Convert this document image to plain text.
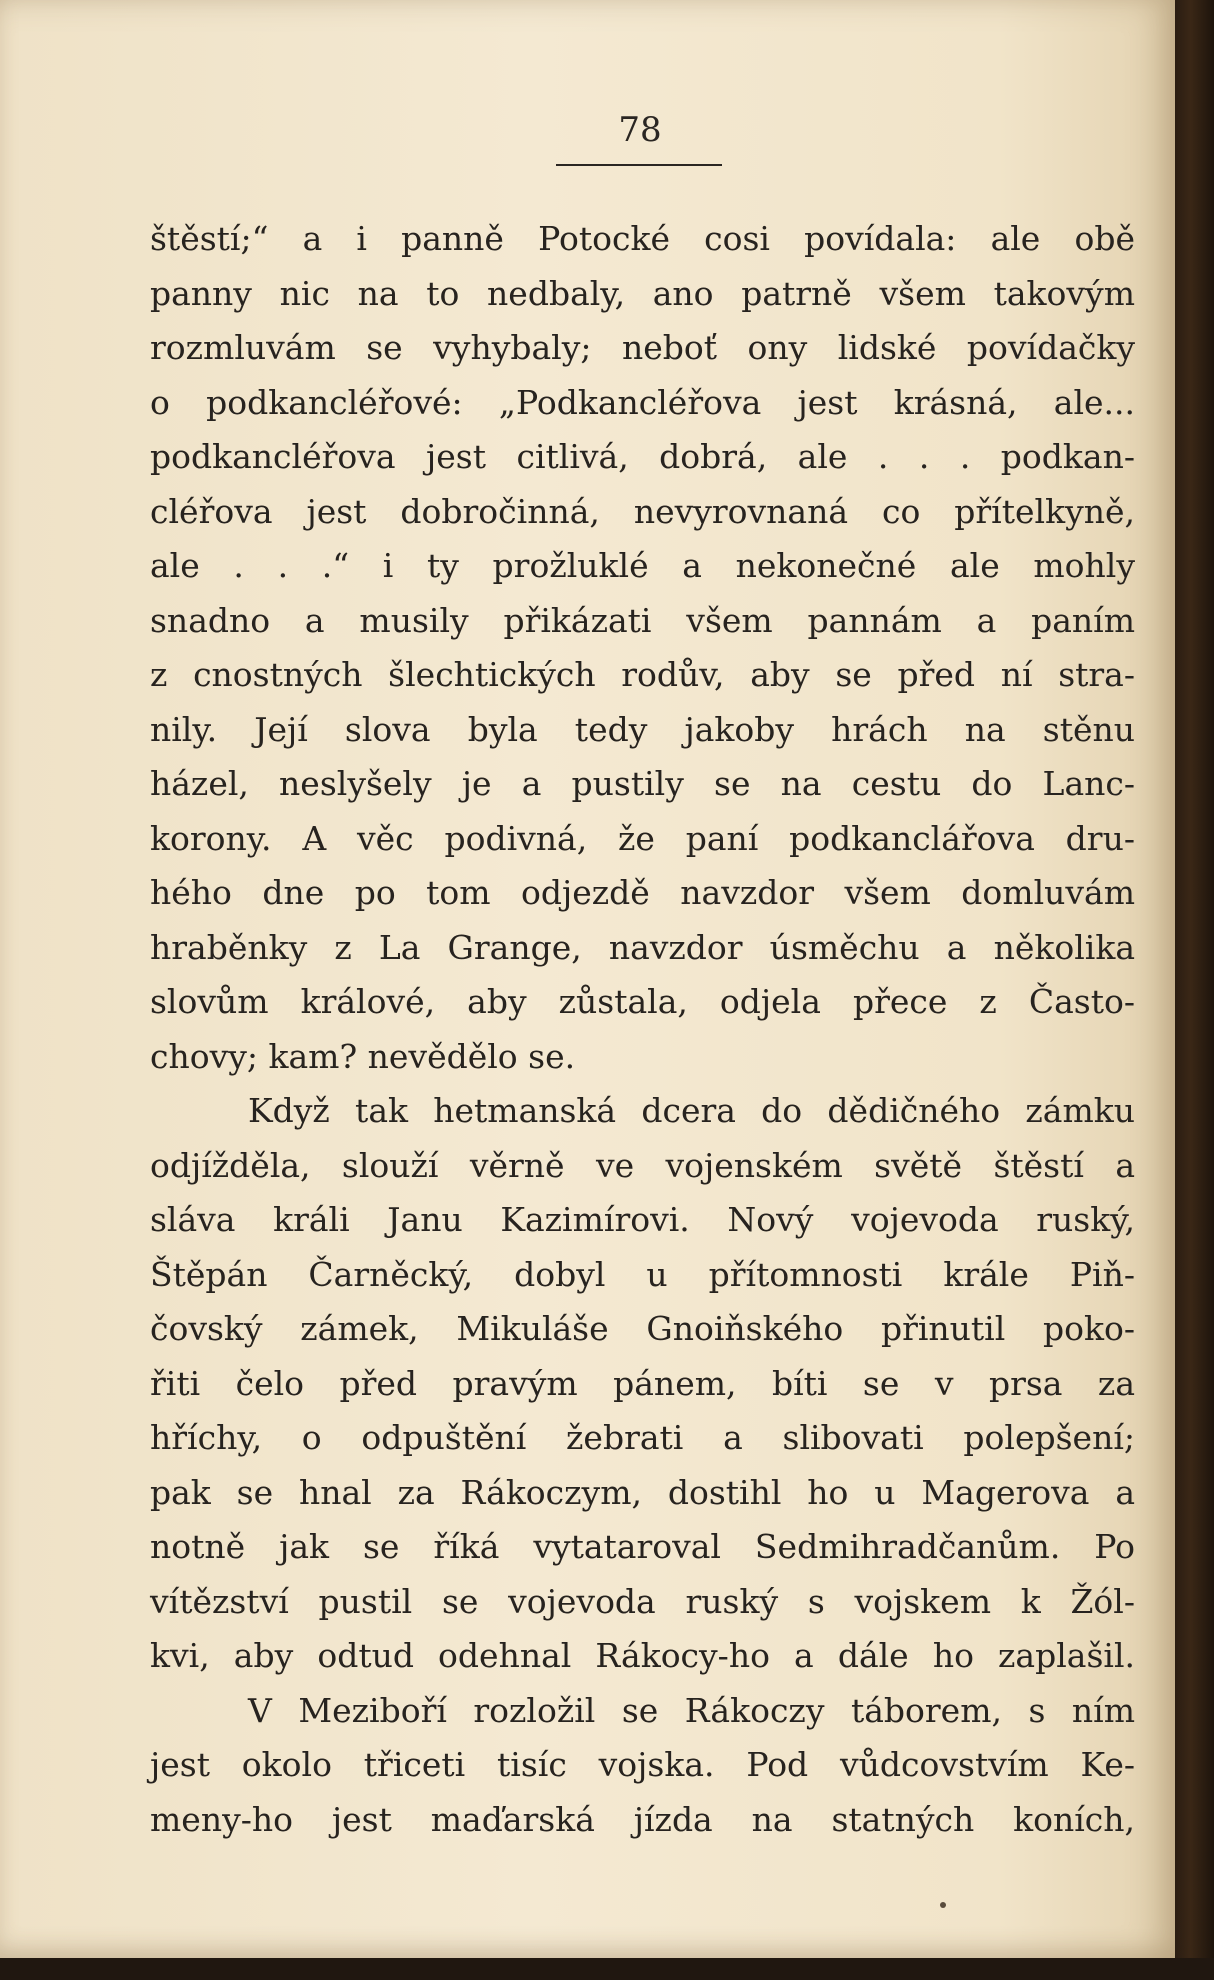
78
štěstí;“ a i panně Potocké cosi povídala: ale obě
panny nic na to nedbaly, ano patrně všem takovým
rozmluvám se vyhybaly; neboť ony lidské povídačky
o podkancléřové: „Podkancléřova jest krásná, ale...
podkancléřova jest citlivá, dobrá, ale . . . podkan-
cléřova jest dobročinná, nevyrovnaná co přítelkyně,
ale . . .“ i ty prožluklé a nekonečné ale mohly
snadno a musily přikázati všem pannám a paním
z cnostných šlechtických rodův, aby se před ní stra-
nily. Její slova byla tedy jakoby hrách na stěnu
házel, neslyšely je a pustily se na cestu do Lanc-
korony. A věc podivná, že paní podkanclářova dru-
hého dne po tom odjezdě navzdor všem domluvám
hraběnky z La Grange, navzdor úsměchu a několika
slovům králové, aby zůstala, odjela přece z Často-
chovy; kam? nevědělo se.
Když tak hetmanská dcera do dědičného zámku
odjížděla, slouží věrně ve vojenském světě štěstí a
sláva králi Janu Kazimírovi. Nový vojevoda ruský,
Štěpán Čarněcký, dobyl u přítomnosti krále Piň-
čovský zámek, Mikuláše Gnoiňského přinutil poko-
řiti čelo před pravým pánem, bíti se v prsa za
hříchy, o odpuštění žebrati a slibovati polepšení;
pak se hnal za Rákoczym, dostihl ho u Magerova a
notně jak se říká vytataroval Sedmihradčanům. Po
vítězství pustil se vojevoda ruský s vojskem k Žól-
kvi, aby odtud odehnal Rákocy-ho a dále ho zaplašil.
V Meziboří rozložil se Rákoczy táborem, s ním
jest okolo třiceti tisíc vojska. Pod vůdcovstvím Ke-
meny-ho jest maďarská jízda na statných koních,
